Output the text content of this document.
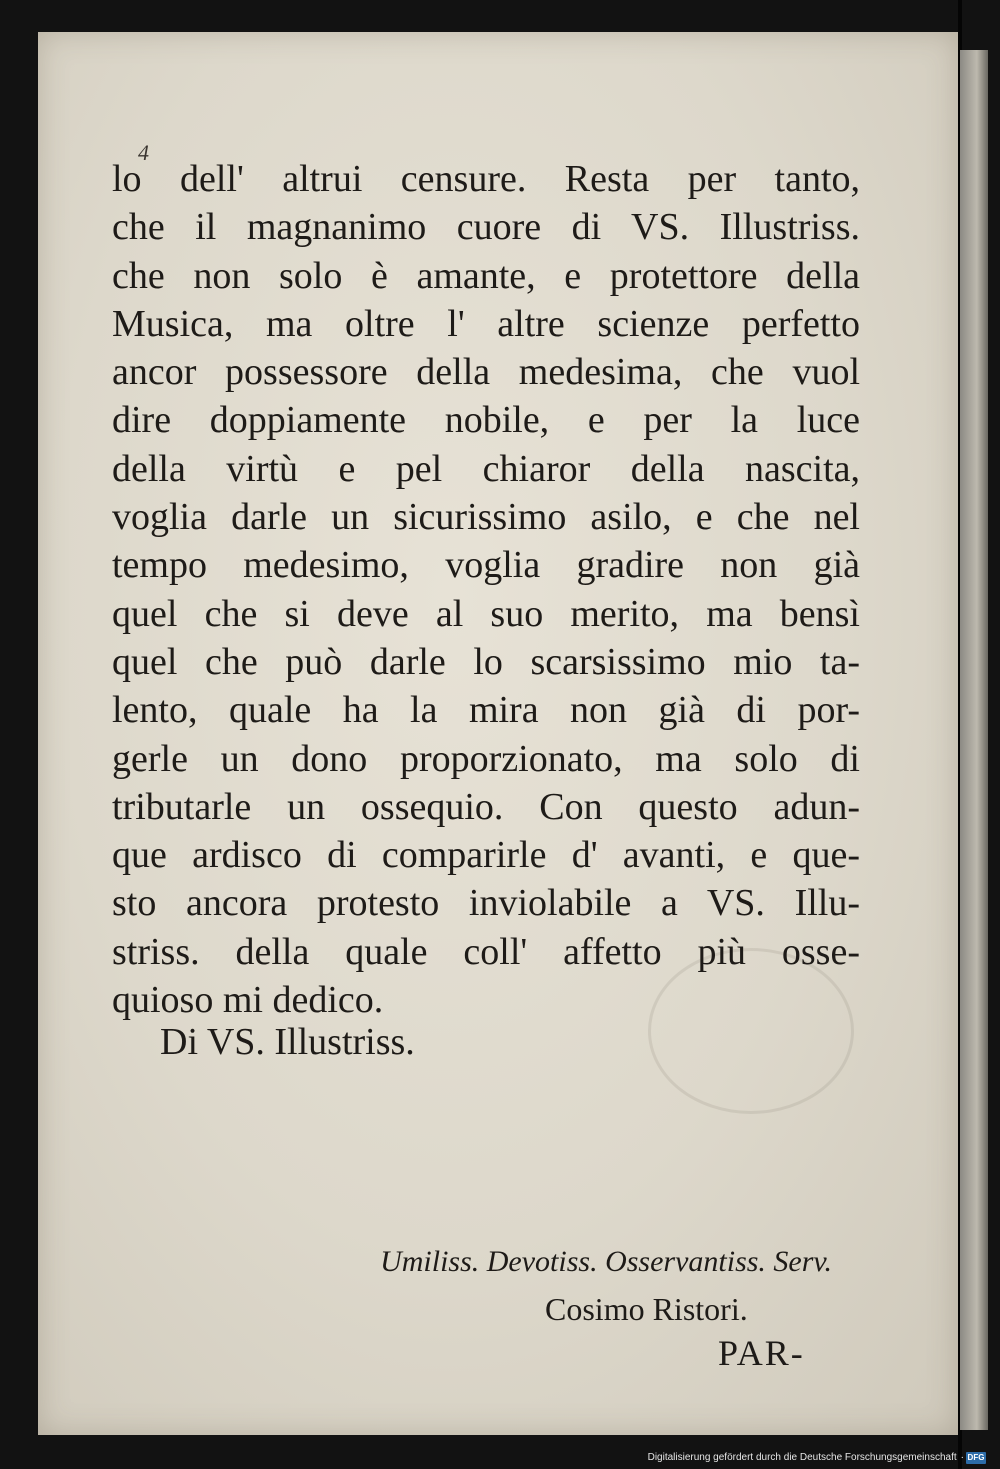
4
lo dell' altrui censure. Resta per tanto,
che il magnanimo cuore di VS. Illustriss.
che non solo è amante, e protettore della
Musica, ma oltre l' altre scienze perfetto
ancor possessore della medesima, che vuol
dire doppiamente nobile, e per la luce
della virtù e pel chiaror della nascita,
voglia darle un sicurissimo asilo, e che nel
tempo medesimo, voglia gradire non già
quel che si deve al suo merito, ma bensì
quel che può darle lo scarsissimo mio ta-
lento, quale ha la mira non già di por-
gerle un dono proporzionato, ma solo di
tributarle un ossequio. Con questo adun-
que ardisco di comparirle d' avanti, e que-
sto ancora protesto inviolabile a VS. Illu-
striss. della quale coll' affetto più osse-
quioso mi dedico.
Di VS. Illustriss.
Umiliss. Devotiss. Osservantiss. Serv.
Cosimo Ristori.
PAR-
Digitalisierung gefördert durch die Deutsche Forschungsgemeinschaft · DFG
